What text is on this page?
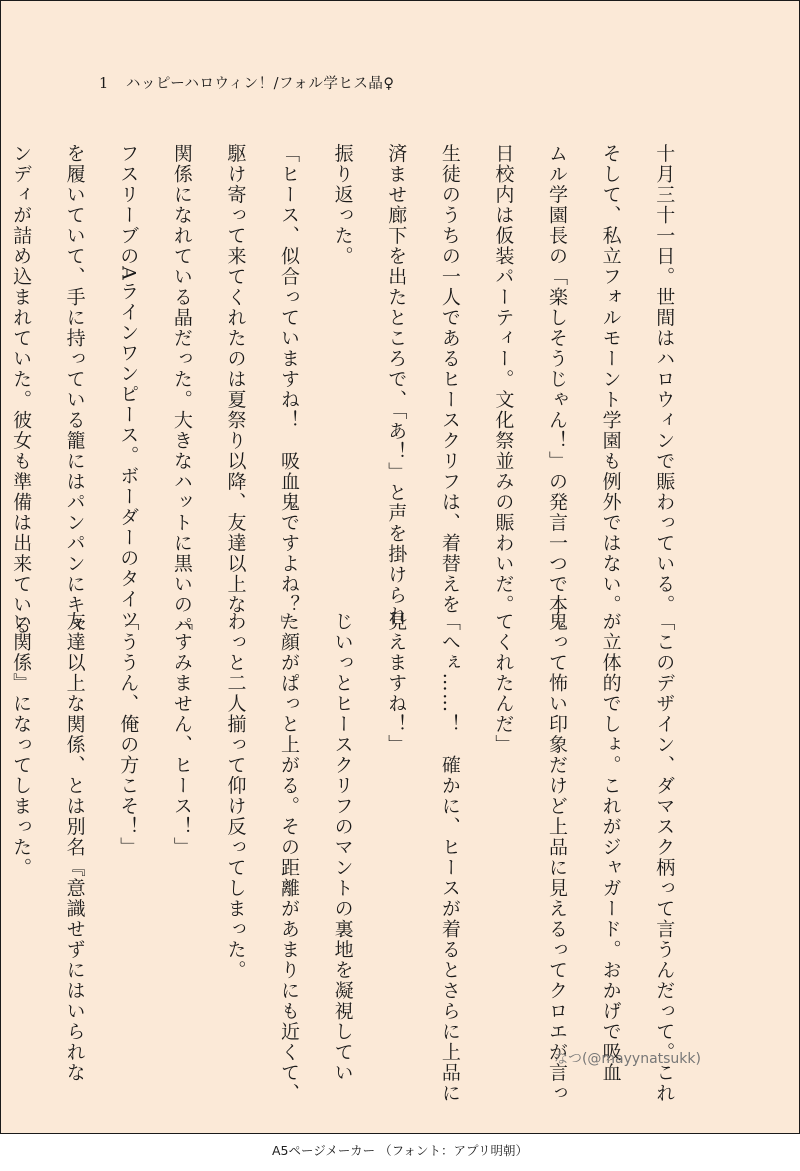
1 ハッピーハロウィン！/フォル学ヒス晶♀

十月三十一日。世間はハロウィンで賑わっている。

そして、私立フォルモーント学園も例外ではない。

ムル学園長の「楽しそうじゃん！」の発言一つで本

日校内は仮装パーティー。文化祭並みの賑わいだ。

生徒のうちの一人であるヒースクリフは、着替えを

済ませ廊下を出たところで、「あ！」と声を掛けられ

振り返った。

「ヒース、似合っていますね！　吸血鬼ですよね？」

駆け寄って来てくれたのは夏祭り以降、友達以上な

関係になれている晶だった。大きなハットに黒いのパ

フスリーブのAラインワンピース。ボーダーのタイツ

を履いていて、手に持っている籠にはパンパンにキャ

ンディが詰め込まれていた。彼女も準備は出来ている

「このデザイン、ダマスク柄って言うんだって。これ

が立体的でしょ。これがジャガード。おかげで吸血

鬼って怖い印象だけど上品に見えるってクロエが言っ

てくれたんだ」

「へぇ……！　確かに、ヒースが着るとさらに上品に

見えますね！」

じいっとヒースクリフのマントの裏地を凝視してい

た顔がぱっと上がる。その距離があまりにも近くて、

わっと二人揃って仰け反ってしまった。

「すみません、ヒース！」

「ううん、俺の方こそ！」

友達以上な関係、とは別名『意識せずにはいられな

い関係』になってしまった。

なつ(@mayynatsukk)
A5ページメーカー （フォント：アプリ明朝）
